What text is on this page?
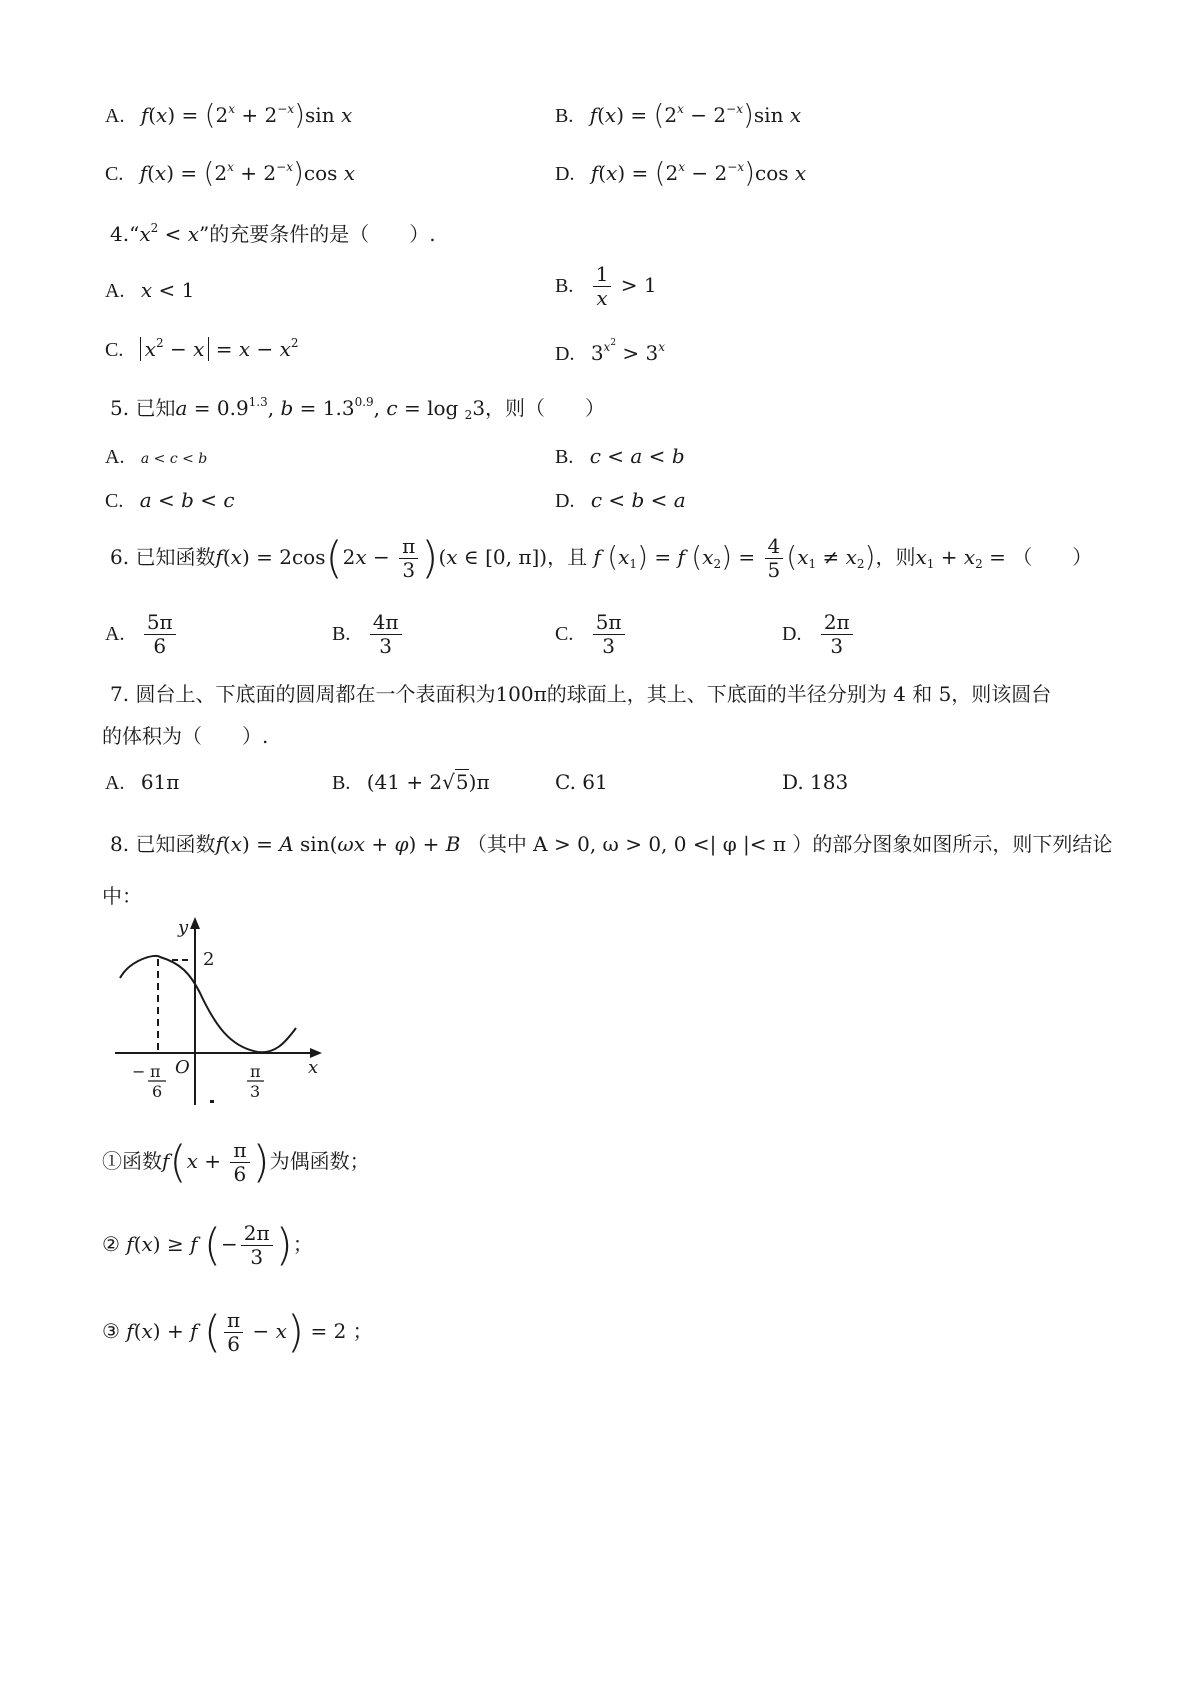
A. $f(x) = (2^x + 2^{-x})\sin$ x	B. $f(x) = (2^x - 2^{-x})\sin$ x
C. $f(x) = (2^x + 2^{-x})\cos$ x	D. $f(x) = (2^x - 2^{-x})\cos$ x
$4.“x^2 < x$”的充要条件的是（　　）.
A. x < 1	B. $\frac{1}{x} > 1$
C. $x^2 - x = x - x^2$	D. $3^{x^2} > 3^x$
5. 已知$a = 0.9^{1.3}$, $b = 1.3^{0.9}$, c = log $_2$3，则（　　）
A. a < c < b	B. c < a < b
C. a < b < c	D. c < b < a
6. 已知函数$f(x) = 2\cos(2x - \frac{\pi}{3} )(x$ ∈ [0, π])，且 f $(x_1) = f$ $(x_2) = \frac{4}{5} (x_1 \ne x_2)$，则$x_1 + x_2$ = （　　）
A. $\frac{5\pi}{6}$	B. $\frac{4\pi}{3}$	C. $\frac{5\pi}{3}$	D. $\frac{2\pi}{3}$
7. 圆台上、下底面的圆周都在一个表面积为100π的球面上，其上、下底面的半径分别为 4 和 5，则该圆台
的体积为（　　）.
A. 61π	B. (41 + 2√5)π	C. 61	D. 183
8. 已知函数f(x) = A sin(ωx + φ) + B （其中 A > 0, ω > 0, 0 <| φ |< π ）的部分图象如图所示，则下列结论
中：
y
x
O
2
− π
6
π
3
①函数$f(x + \frac{\pi}{6}$ )为偶函数；
② f(x) ≥ f (− $\frac{2\pi}{3}$ )；
③ f(x) + f ( $\frac{\pi}{6} - x) = 2$ ；
